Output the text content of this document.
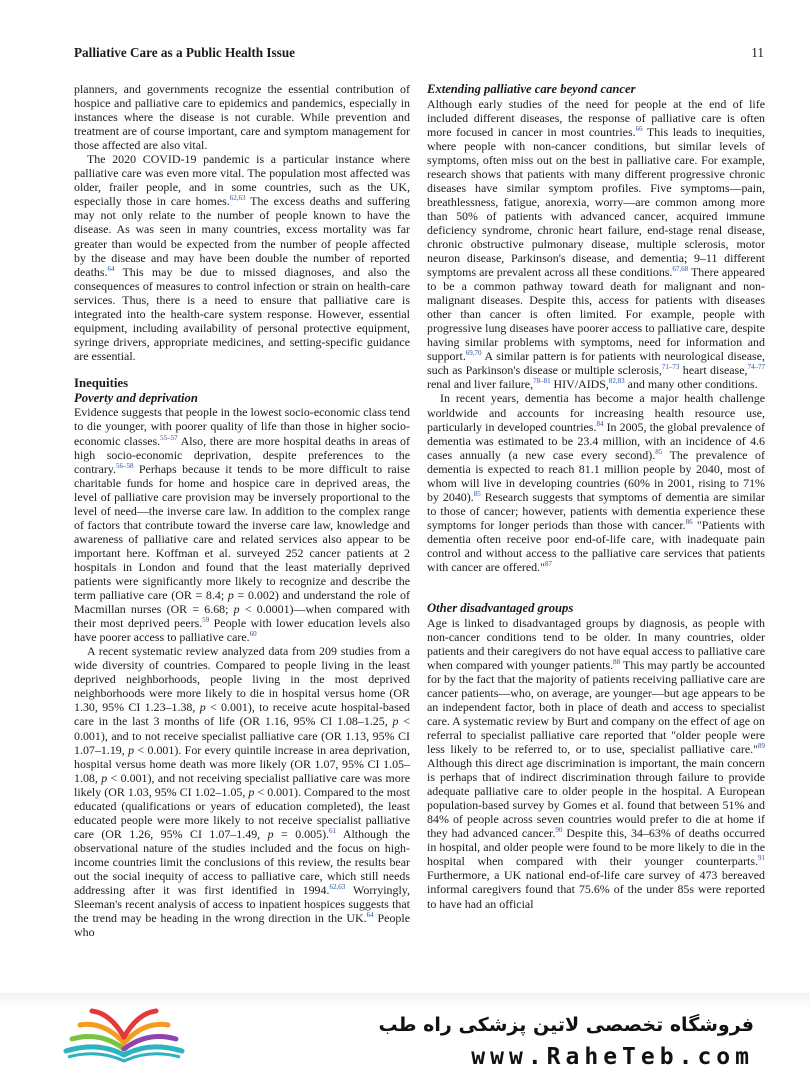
Palliative Care as a Public Health Issue	11

planners, and governments recognize the essential contribution of hospice and palliative care to epidemics and pandemics, especially in instances where the disease is not curable. While prevention and treatment are of course important, care and symptom management for those affected are also vital.

The 2020 COVID-19 pandemic is a particular instance where palliative care was even more vital. The population most affected was older, frailer people, and in some countries, such as the UK, especially those in care homes.$^{62,63}$ The excess deaths and suffering may not only relate to the number of people known to have the disease. As was seen in many countries, excess mortality was far greater than would be expected from the number of people affected by the disease and may have been double the number of reported deaths.$^{64}$ This may be due to missed diagnoses, and also the consequences of measures to control infection or strain on health-care services. Thus, there is a need to ensure that palliative care is integrated into the health-care system response. However, essential equipment, including availability of personal protective equipment, syringe drivers, appropriate medicines, and setting-specific guidance are essential.

Inequities
Poverty and deprivation

Evidence suggests that people in the lowest socio-economic class tend to die younger, with poorer quality of life than those in higher socio-economic classes.$^{55-57}$ Also, there are more hospital deaths in areas of high socio-economic deprivation, despite preferences to the contrary.$^{56-58}$ Perhaps because it tends to be more difficult to raise charitable funds for home and hospice care in deprived areas, the level of palliative care provision may be inversely proportional to the level of need—the inverse care law. In addition to the complex range of factors that contribute toward the inverse care law, knowledge and awareness of palliative care and related services also appear to be important here. Koffman et al. surveyed 252 cancer patients at 2 hospitals in London and found that the least materially deprived patients were significantly more likely to recognize and describe the term palliative care (OR = 8.4; p = 0.002) and understand the role of Macmillan nurses (OR = 6.68; p < 0.0001)—when compared with their most deprived peers.$^{59}$ People with lower education levels also have poorer access to palliative care.$^{60}$

A recent systematic review analyzed data from 209 studies from a wide diversity of countries. Compared to people living in the least deprived neighborhoods, people living in the most deprived neighborhoods were more likely to die in hospital versus home (OR 1.30, 95% CI 1.23–1.38, p < 0.001), to receive acute hospital-based care in the last 3 months of life (OR 1.16, 95% CI 1.08–1.25, p < 0.001), and to not receive specialist palliative care (OR 1.13, 95% CI 1.07–1.19, p < 0.001). For every quintile increase in area deprivation, hospital versus home death was more likely (OR 1.07, 95% CI 1.05–1.08, p < 0.001), and not receiving specialist palliative care was more likely (OR 1.03, 95% CI 1.02–1.05, p < 0.001). Compared to the most educated (qualifications or years of education completed), the least educated people were more likely to not receive specialist palliative care (OR 1.26, 95% CI 1.07–1.49, p = 0.005).$^{61}$ Although the observational nature of the studies included and the focus on high-income countries limit the conclusions of this review, the results bear out the social inequity of access to palliative care, which still needs addressing after it was first identified in 1994.$^{62,63}$ Worryingly, Sleeman's recent analysis of access to inpatient hospices suggests that the trend may be heading in the wrong direction in the UK.$^{64}$ People who

Extending palliative care beyond cancer

Although early studies of the need for people at the end of life included different diseases, the response of palliative care is often more focused in cancer in most countries.$^{66}$ This leads to inequities, where people with non-cancer conditions, but similar levels of symptoms, often miss out on the best in palliative care. For example, research shows that patients with many different progressive chronic diseases have similar symptom profiles. Five symptoms—pain, breathlessness, fatigue, anorexia, worry—are common among more than 50% of patients with advanced cancer, acquired immune deficiency syndrome, chronic heart failure, end-stage renal disease, chronic obstructive pulmonary disease, multiple sclerosis, motor neuron disease, Parkinson's disease, and dementia; 9–11 different symptoms are prevalent across all these conditions.$^{67,68}$ There appeared to be a common pathway toward death for malignant and non-malignant diseases. Despite this, access for patients with diseases other than cancer is often limited. For example, people with progressive lung diseases have poorer access to palliative care, despite having similar problems with symptoms, need for information and support.$^{69,70}$ A similar pattern is for patients with neurological disease, such as Parkinson's disease or multiple sclerosis,$^{71-73}$ heart disease,$^{74-77}$ renal and liver failure,$^{78-81}$ HIV/AIDS,$^{82,83}$ and many other conditions.

In recent years, dementia has become a major health challenge worldwide and accounts for increasing health resource use, particularly in developed countries.$^{84}$ In 2005, the global prevalence of dementia was estimated to be 23.4 million, with an incidence of 4.6 cases annually (a new case every second).$^{85}$ The prevalence of dementia is expected to reach 81.1 million people by 2040, most of whom will live in developing countries (60% in 2001, rising to 71% by 2040).$^{85}$ Research suggests that symptoms of dementia are similar to those of cancer; however, patients with dementia experience these symptoms for longer periods than those with cancer.$^{86}$ "Patients with dementia often receive poor end-of-life care, with inadequate pain control and without access to the palliative care services that patients with cancer are offered."$^{87}$

Other disadvantaged groups

Age is linked to disadvantaged groups by diagnosis, as people with non-cancer conditions tend to be older. In many countries, older patients and their caregivers do not have equal access to palliative care when compared with younger patients.$^{88}$ This may partly be accounted for by the fact that the majority of patients receiving palliative care are cancer patients—who, on average, are younger—but age appears to be an independent factor, both in place of death and access to specialist care. A systematic review by Burt and company on the effect of age on referral to specialist palliative care reported that "older people were less likely to be referred to, or to use, specialist palliative care."$^{89}$ Although this direct age discrimination is important, the main concern is perhaps that of indirect discrimination through failure to provide adequate palliative care to older people in the hospital. A European population-based survey by Gomes et al. found that between 51% and 84% of people across seven countries would prefer to die at home if they had advanced cancer.$^{90}$ Despite this, 34–63% of deaths occurred in hospital, and older people were found to be more likely to die in the hospital when compared with their younger counterparts.$^{91}$ Furthermore, a UK national end-of-life care survey of 473 bereaved informal caregivers found that 75.6% of the under 85s were reported to have had an official

فروشگاه تخصصی لاتین پزشکی راه طب
www.RaheTeb.com
